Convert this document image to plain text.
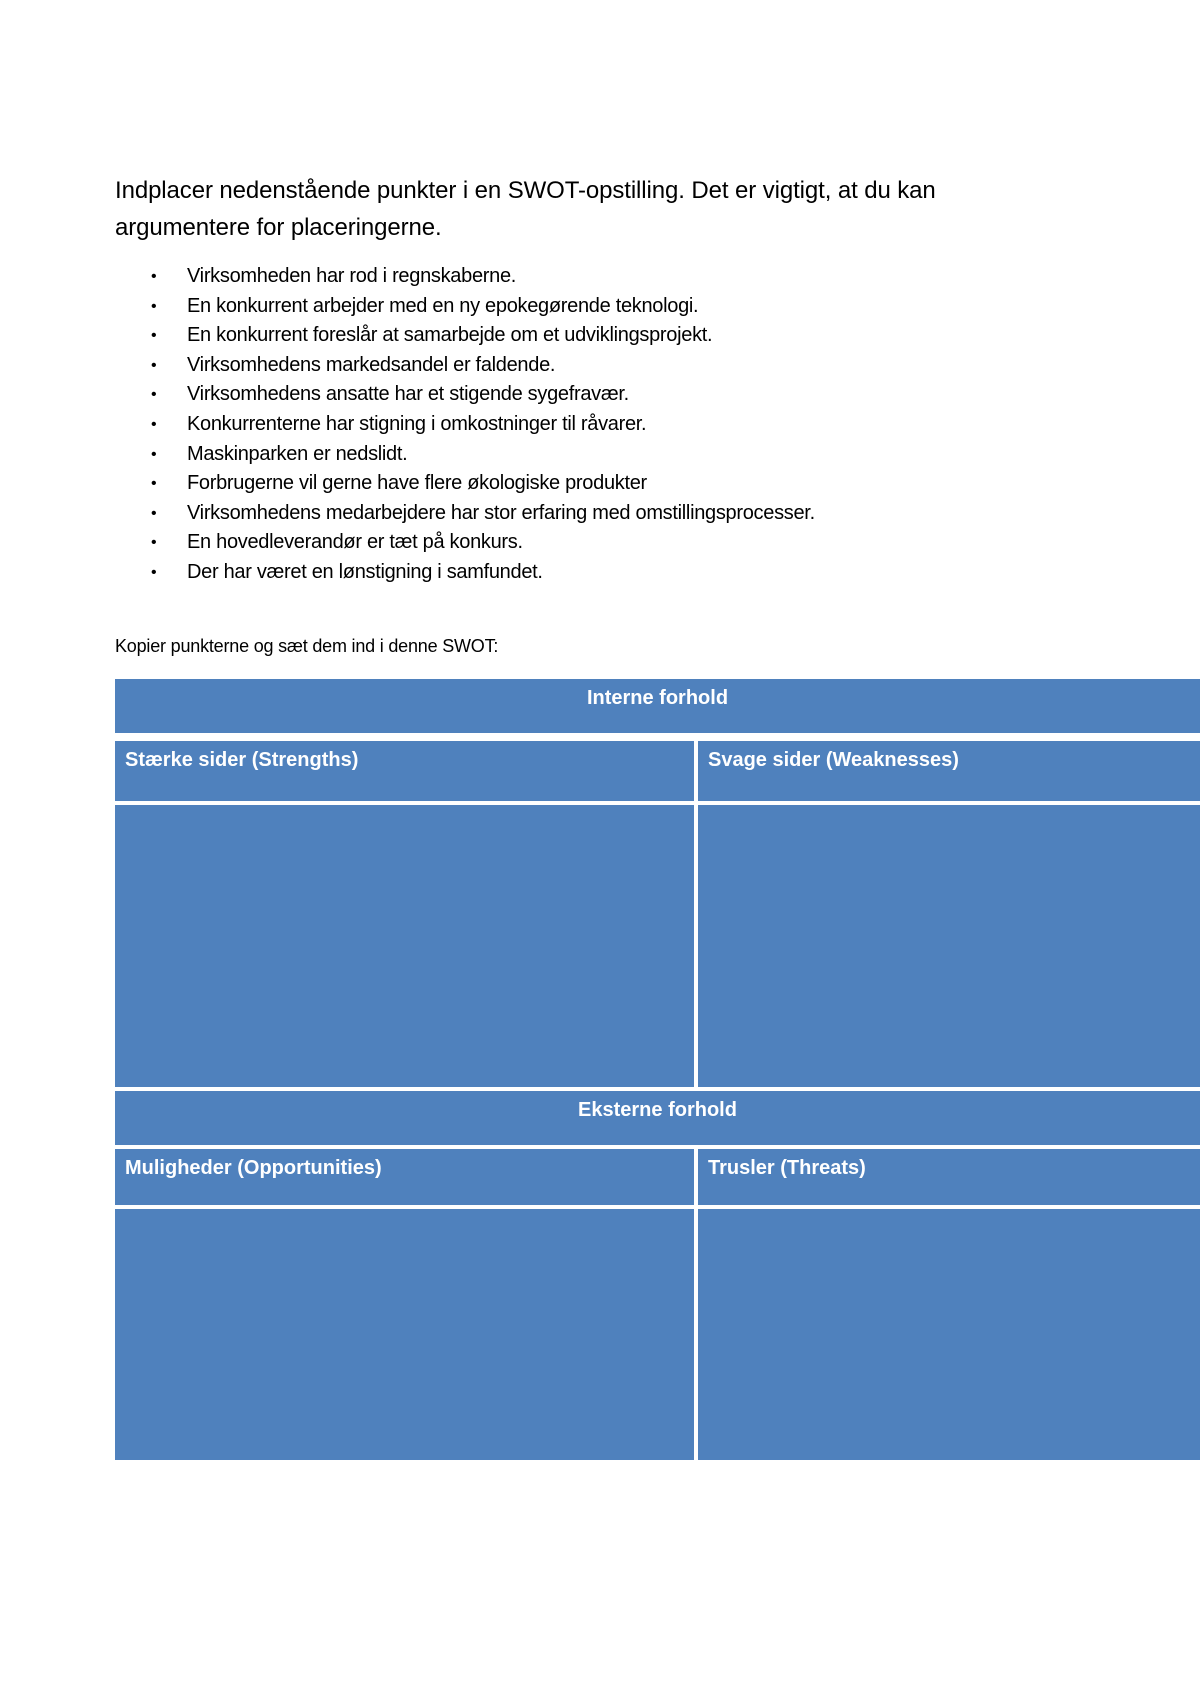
Indplacer nedenstående punkter i en SWOT-opstilling. Det er vigtigt, at du kan argumentere for placeringerne.

• Virksomheden har rod i regnskaberne.
• En konkurrent arbejder med en ny epokegørende teknologi.
• En konkurrent foreslår at samarbejde om et udviklingsprojekt.
• Virksomhedens markedsandel er faldende.
• Virksomhedens ansatte har et stigende sygefravær.
• Konkurrenterne har stigning i omkostninger til råvarer.
• Maskinparken er nedslidt.
• Forbrugerne vil gerne have flere økologiske produkter
• Virksomhedens medarbejdere har stor erfaring med omstillingsprocesser.
• En hovedleverandør er tæt på konkurs.
• Der har været en lønstigning i samfundet.

Kopier punkterne og sæt dem ind i denne SWOT:

Interne forhold
Stærke sider (Strengths)	Svage sider (Weaknesses)
Eksterne forhold
Muligheder (Opportunities)	Trusler (Threats)
